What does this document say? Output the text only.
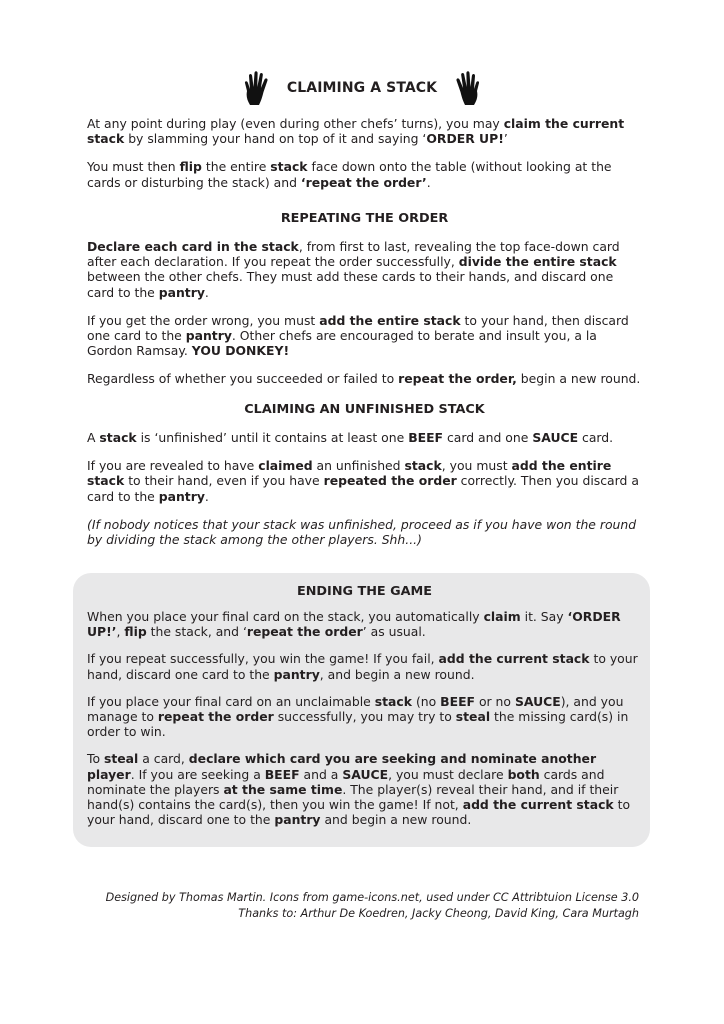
CLAIMING A STACK

At any point during play (even during other chefs’ turns), you may claim the current stack by slamming your hand on top of it and saying ‘ORDER UP!’

You must then flip the entire stack face down onto the table (without looking at the cards or disturbing the stack) and ‘repeat the order’.

REPEATING THE ORDER

Declare each card in the stack, from first to last, revealing the top face-down card after each declaration. If you repeat the order successfully, divide the entire stack between the other chefs. They must add these cards to their hands, and discard one card to the pantry.

If you get the order wrong, you must add the entire stack to your hand, then discard one card to the pantry. Other chefs are encouraged to berate and insult you, a la Gordon Ramsay. YOU DONKEY!

Regardless of whether you succeeded or failed to repeat the order, begin a new round.

CLAIMING AN UNFINISHED STACK

A stack is ‘unfinished’ until it contains at least one BEEF card and one SAUCE card.

If you are revealed to have claimed an unfinished stack, you must add the entire stack to their hand, even if you have repeated the order correctly. Then you discard a card to the pantry.

(If nobody notices that your stack was unfinished, proceed as if you have won the round by dividing the stack among the other players. Shh...)

ENDING THE GAME

When you place your final card on the stack, you automatically claim it. Say ‘ORDER UP!’, flip the stack, and ‘repeat the order’ as usual.

If you repeat successfully, you win the game! If you fail, add the current stack to your hand, discard one card to the pantry, and begin a new round.

If you place your final card on an unclaimable stack (no BEEF or no SAUCE), and you manage to repeat the order successfully, you may try to steal the missing card(s) in order to win.

To steal a card, declare which card you are seeking and nominate another player. If you are seeking a BEEF and a SAUCE, you must declare both cards and nominate the players at the same time. The player(s) reveal their hand, and if their hand(s) contains the card(s), then you win the game! If not, add the current stack to your hand, discard one to the pantry and begin a new round.

Designed by Thomas Martin. Icons from game-icons.net, used under CC Attribtuion License 3.0
Thanks to: Arthur De Koedren, Jacky Cheong, David King, Cara Murtagh
